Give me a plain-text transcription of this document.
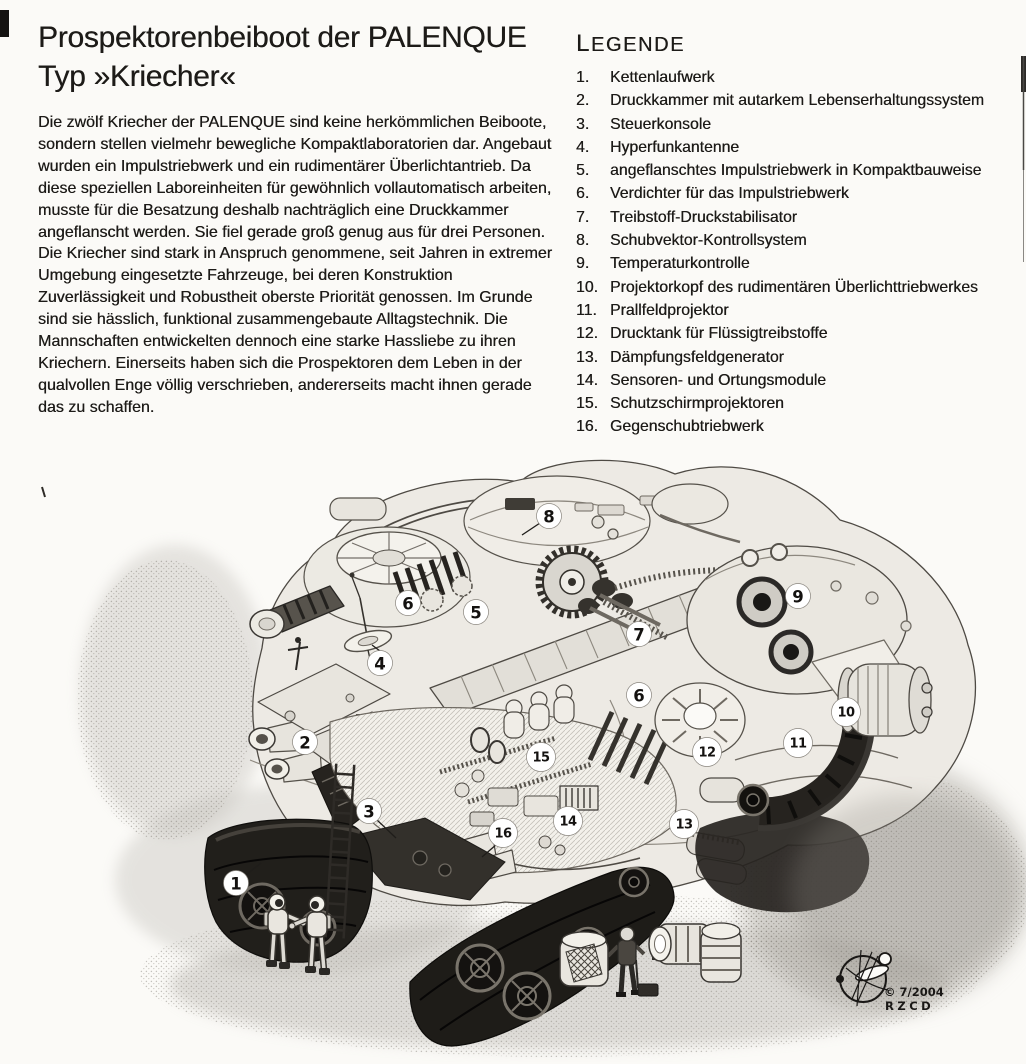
1
2
3
4
5
6
6
7
8
9
10
11
12
13
14
15
16
© 7/2004
RZCD
Prospektorenbeiboot der PALENQUE
Typ »Kriecher«

Die zwölf Kriecher der PALENQUE sind keine herkömmlichen Beiboote, sondern stellen vielmehr bewegliche Kompaktlaboratorien dar. Angebaut wurden ein Impulstriebwerk und ein rudimentärer Überlichtantrieb. Da diese speziellen Laboreinheiten für gewöhnlich vollautomatisch arbeiten, musste für die Besatzung deshalb nachträglich eine Druckkammer angeflanscht werden. Sie fiel gerade groß genug aus für drei Personen.

Die Kriecher sind stark in Anspruch genommene, seit Jahren in extremer Umgebung eingesetzte Fahrzeuge, bei deren Konstruktion Zuverlässigkeit und Robustheit oberste Priorität genossen. Im Grunde sind sie hässlich, funktional zusammengebaute Alltagstechnik. Die Mannschaften entwickelten dennoch eine starke Hassliebe zu ihren Kriechern. Einerseits haben sich die Prospektoren dem Leben in der qualvollen Enge völlig verschrieben, andererseits macht ihnen gerade das zu schaffen.

LEGENDE
1.	Kettenlaufwerk
2.	Druckkammer mit autarkem Lebenserhaltungssystem
3.	Steuerkonsole
4.	Hyperfunkantenne
5.	angeflanschtes Impulstriebwerk in Kompaktbauweise
6.	Verdichter für das Impulstriebwerk
7.	Treibstoff-Druckstabilisator
8.	Schubvektor-Kontrollsystem
9.	Temperaturkontrolle
10. Projektorkopf des rudimentären Überlichttriebwerkes
11. Prallfeldprojektor
12. Drucktank für Flüssigtreibstoffe
13. Dämpfungsfeldgenerator
14. Sensoren- und Ortungsmodule
15. Schutzschirmprojektoren
16. Gegenschubtriebwerk
